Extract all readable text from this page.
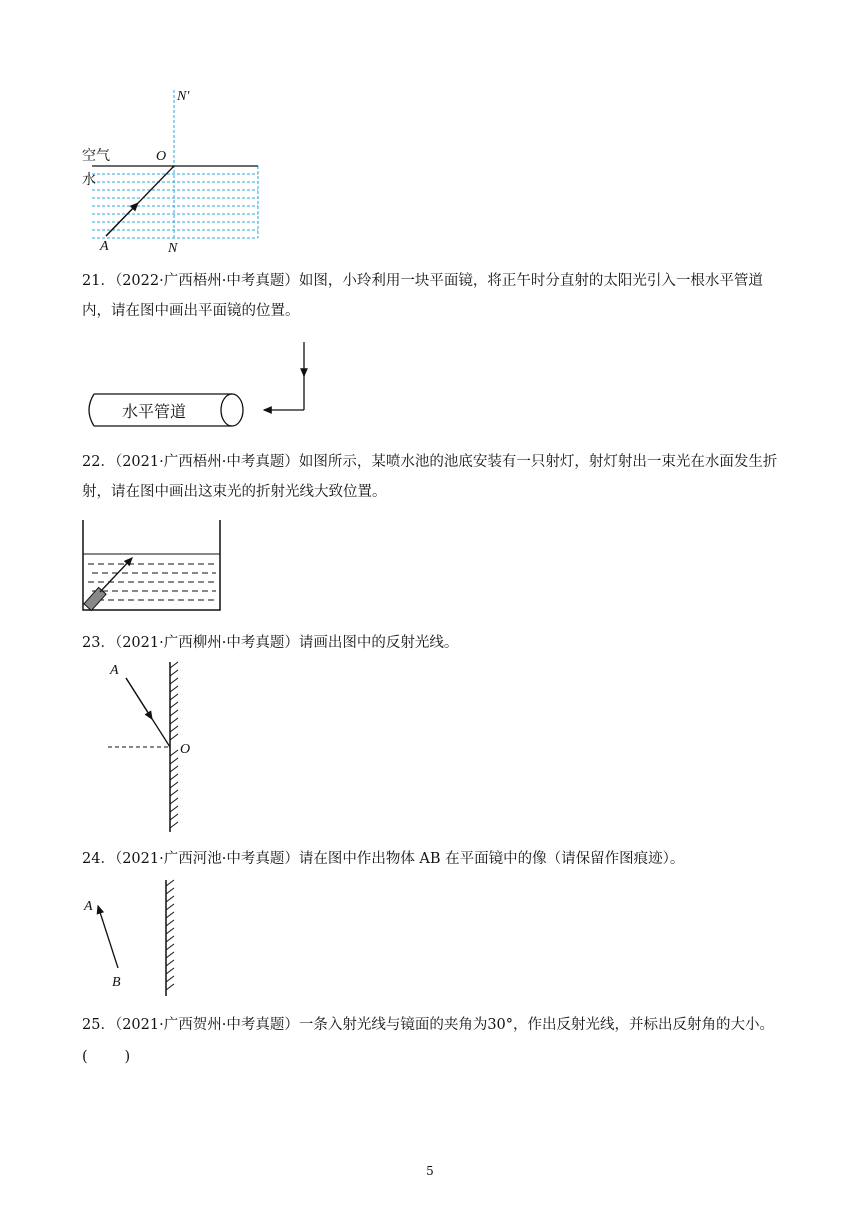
N′
O
空气
水
A	N
21．（2022·广西梧州·中考真题）如图，小玲利用一块平面镜，将正午时分直射的太阳光引入一根水平管道内，请在图中画出平面镜的位置。
水平管道
22．（2021·广西梧州·中考真题）如图所示，某喷水池的池底安装有一只射灯，射灯射出一束光在水面发生折射，请在图中画出这束光的折射光线大致位置。
23．（2021·广西柳州·中考真题）请画出图中的反射光线。
A
O
24．（2021·广西河池·中考真题）请在图中作出物体 AB 在平面镜中的像（请保留作图痕迹）。
A
B
25．（2021·广西贺州·中考真题）一条入射光线与镜面的夹角为30°，作出反射光线，并标出反射角的大小。
(        )
5
